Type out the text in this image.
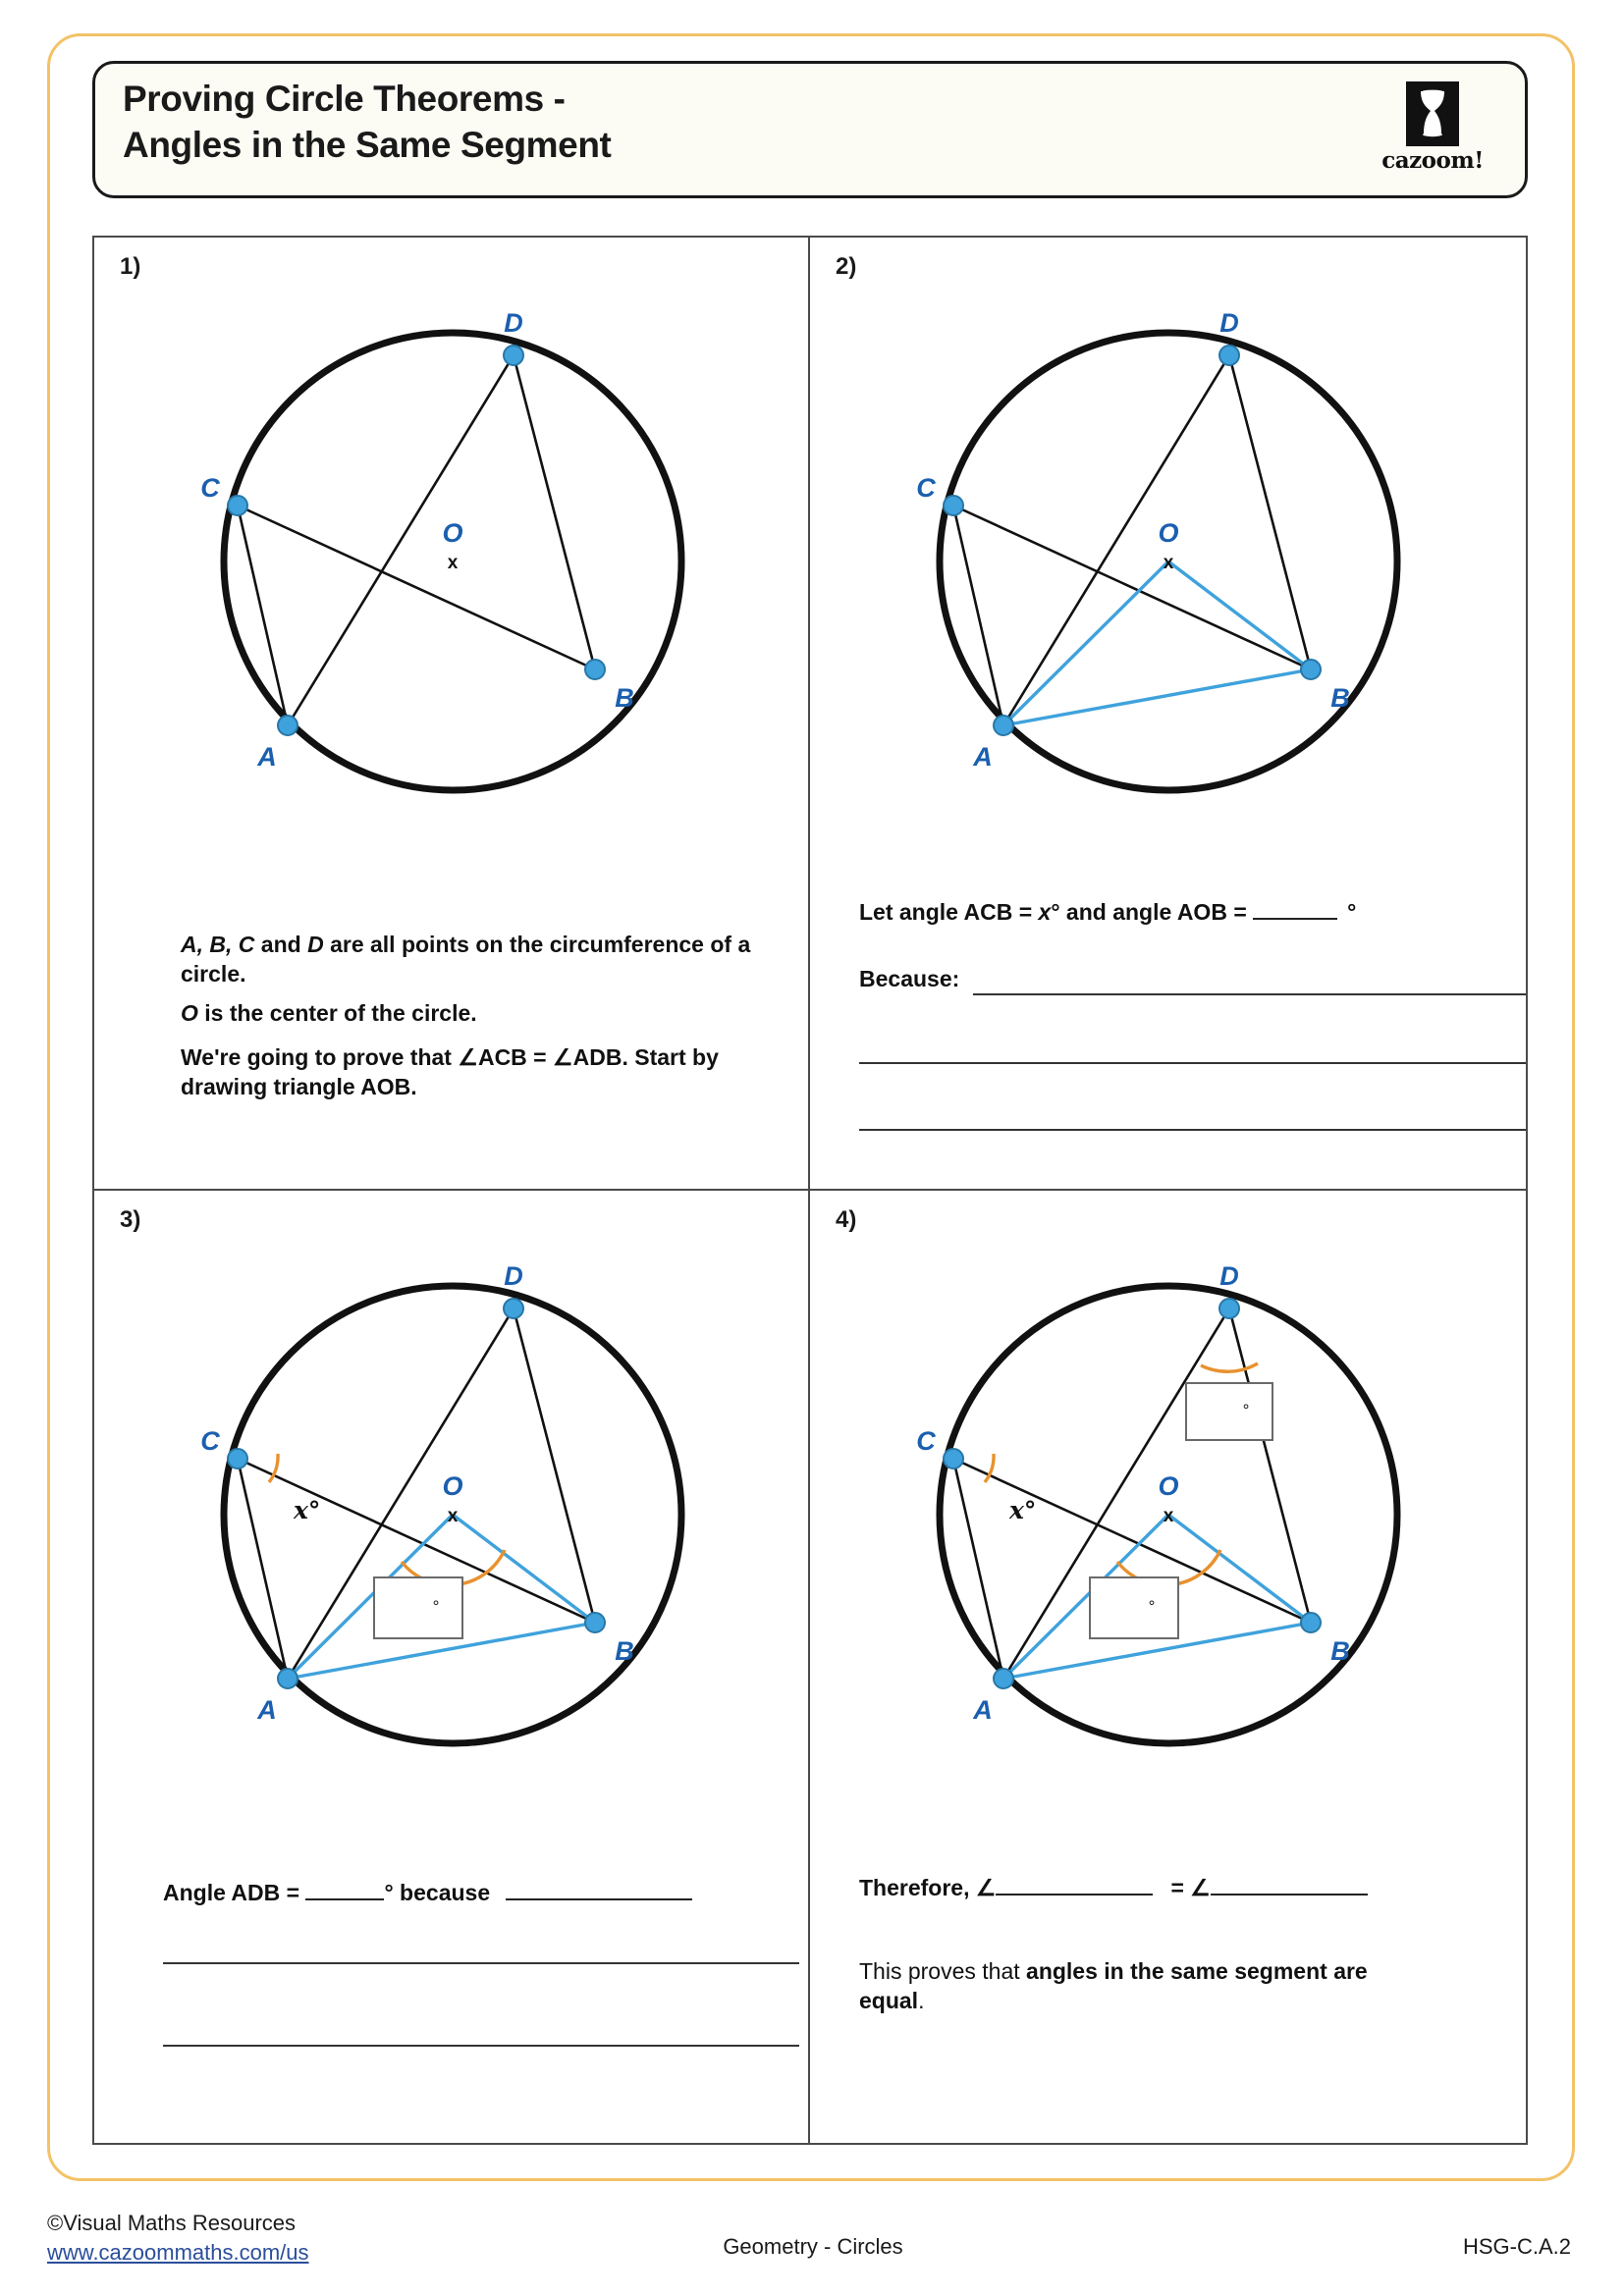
Proving Circle Theorems -
Angles in the Same Segment	cazoom!
1)
x
O
D
C
A
B
A, B, C and D are all points on the circumference of a circle.
O is the center of the circle.
We're going to prove that ∠ACB = ∠ADB. Start by drawing triangle AOB.
2)
x
O
D
C
A
B
Let angle ACB = x° and angle AOB =	°
Because:
3)
x°
°
x
O
D
C
A
B
Angle ADB =	° because
4)
x°
°
°
x
O
D
C
A
B
Therefore, ∠	= ∠
This proves that angles in the same segment are equal.
©Visual Maths Resources
www.cazoommaths.com/us	Geometry - Circles	HSG-C.A.2
